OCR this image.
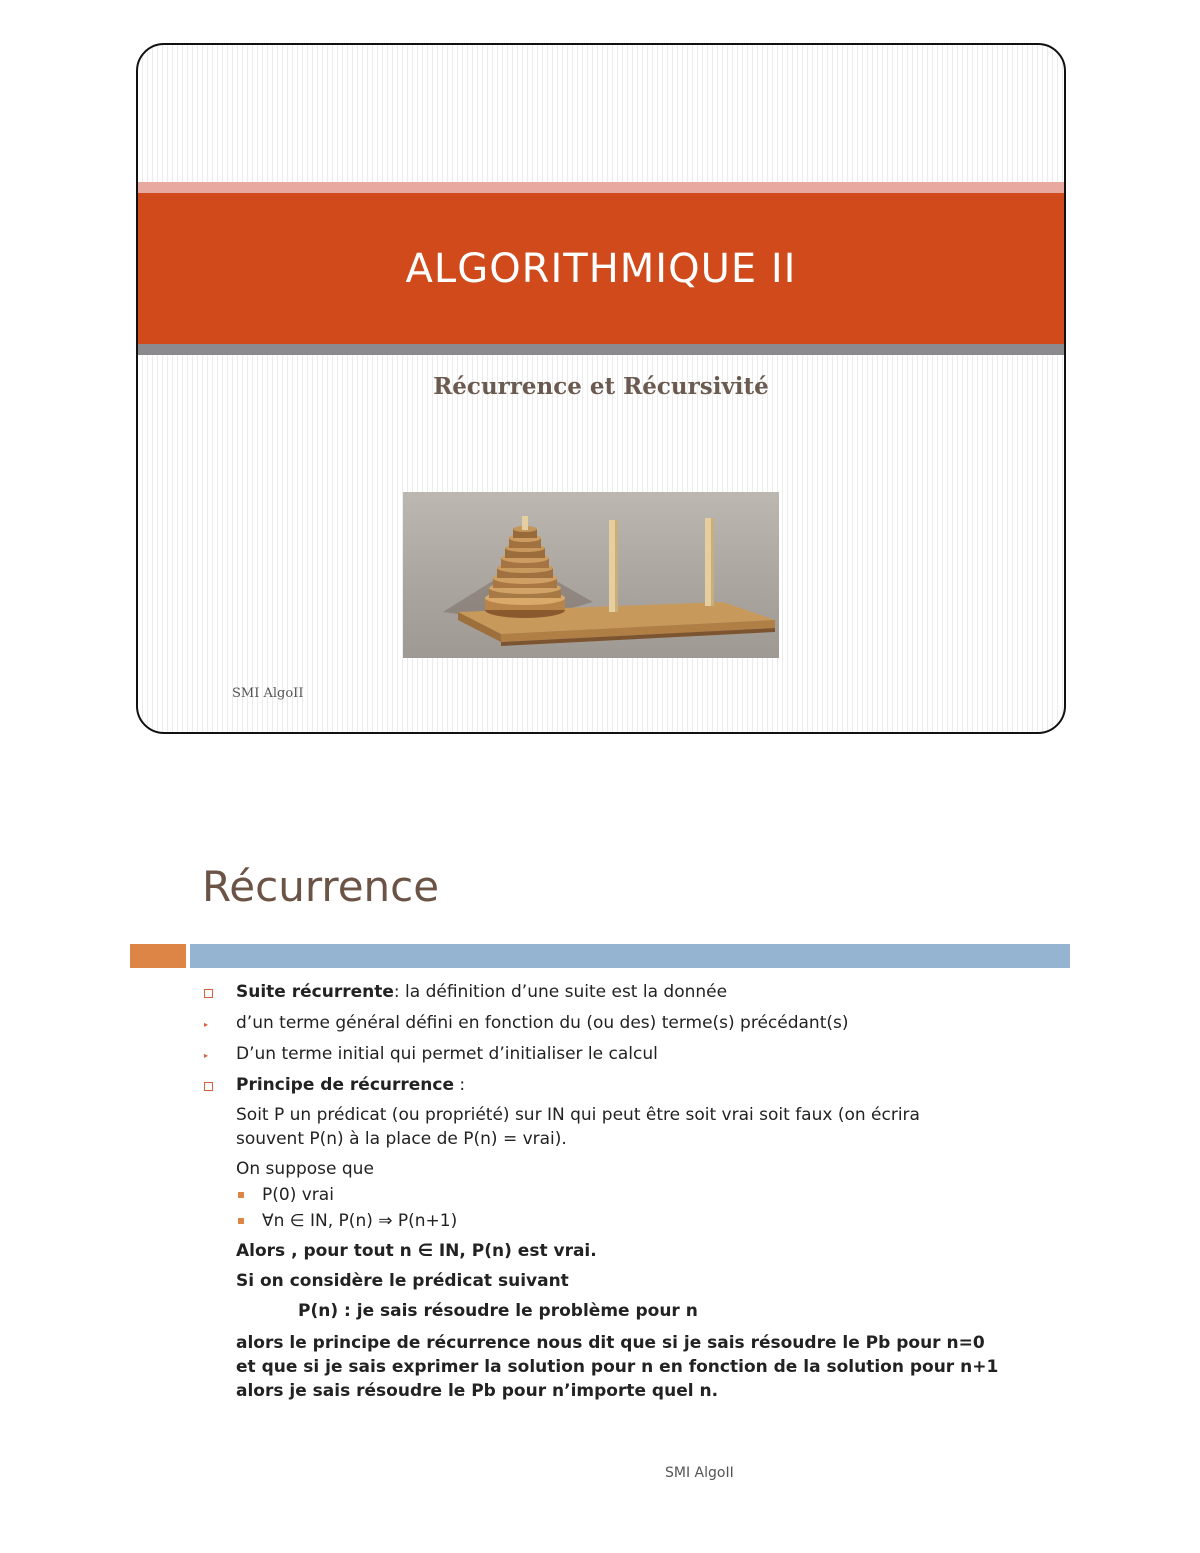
ALGORITHMIQUE II
Récurrence et Récursivité
SMI AlgoII
Récurrence
Suite récurrente: la définition d’une suite est la donnée
▸ d’un terme général défini en fonction du (ou des) terme(s) précédant(s)
▸ D’un terme initial qui permet d’initialiser le calcul
Principe de récurrence :
Soit P un prédicat (ou propriété) sur IN qui peut être soit vrai soit faux (on écrira
souvent P(n) à la place de P(n) = vrai).
On suppose que
P(0) vrai
∀n ∈ IN, P(n) ⇒ P(n+1)
Alors , pour tout n ∈ IN, P(n) est vrai.
Si on considère le prédicat suivant
P(n) : je sais résoudre le problème pour n
alors le principe de récurrence nous dit que si je sais résoudre le Pb pour n=0
et que si je sais exprimer la solution pour n en fonction de la solution pour n+1
alors je sais résoudre le Pb pour n’importe quel n.
SMI AlgoII
